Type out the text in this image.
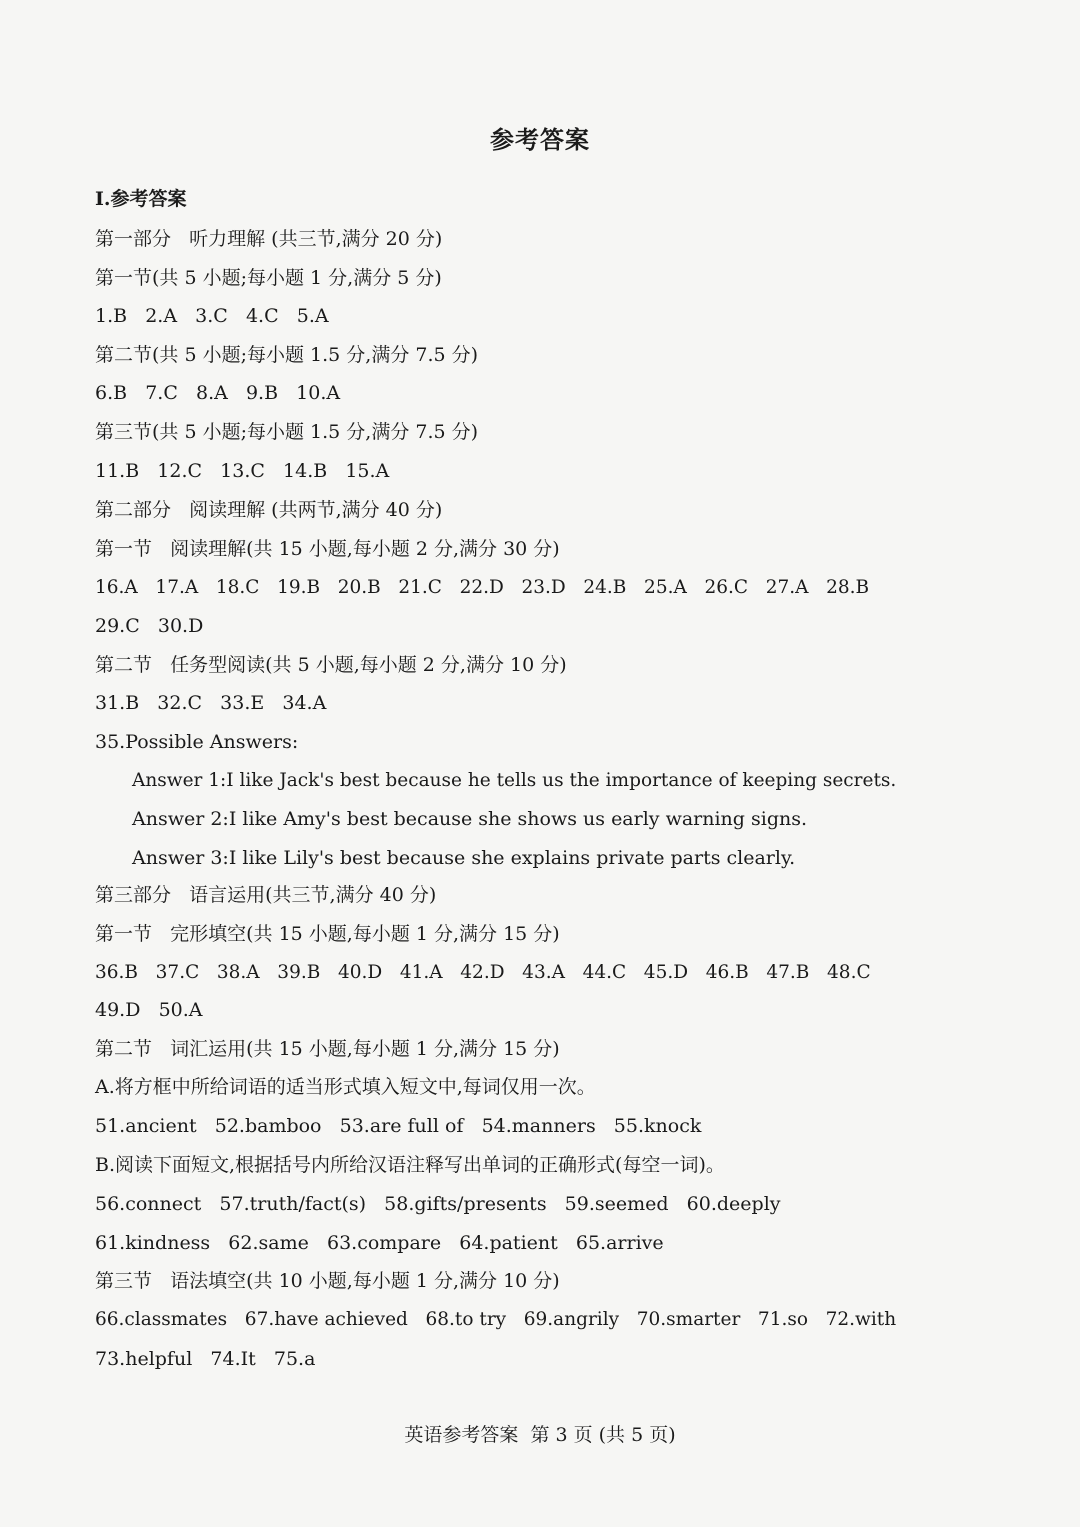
参考答案
Ⅰ.参考答案
第一部分   听力理解 (共三节,满分 20 分)
第一节(共 5 小题;每小题 1 分,满分 5 分)
1.B   2.A   3.C   4.C   5.A
第二节(共 5 小题;每小题 1.5 分,满分 7.5 分)
6.B   7.C   8.A   9.B   10.A
第三节(共 5 小题;每小题 1.5 分,满分 7.5 分)
11.B   12.C   13.C   14.B   15.A
第二部分   阅读理解 (共两节,满分 40 分)
第一节   阅读理解(共 15 小题,每小题 2 分,满分 30 分)
16.A   17.A   18.C   19.B   20.B   21.C   22.D   23.D   24.B   25.A   26.C   27.A   28.B
29.C   30.D
第二节   任务型阅读(共 5 小题,每小题 2 分,满分 10 分)
31.B   32.C   33.E   34.A
35.Possible Answers:
Answer 1:I like Jack's best because he tells us the importance of keeping secrets.
Answer 2:I like Amy's best because she shows us early warning signs.
Answer 3:I like Lily's best because she explains private parts clearly.
第三部分   语言运用(共三节,满分 40 分)
第一节   完形填空(共 15 小题,每小题 1 分,满分 15 分)
36.B   37.C   38.A   39.B   40.D   41.A   42.D   43.A   44.C   45.D   46.B   47.B   48.C
49.D   50.A
第二节   词汇运用(共 15 小题,每小题 1 分,满分 15 分)
A.将方框中所给词语的适当形式填入短文中,每词仅用一次。
51.ancient   52.bamboo   53.are full of   54.manners   55.knock
B.阅读下面短文,根据括号内所给汉语注释写出单词的正确形式(每空一词)。
56.connect   57.truth/fact(s)   58.gifts/presents   59.seemed   60.deeply
61.kindness   62.same   63.compare   64.patient   65.arrive
第三节   语法填空(共 10 小题,每小题 1 分,满分 10 分)
66.classmates   67.have achieved   68.to try   69.angrily   70.smarter   71.so   72.with
73.helpful   74.It   75.a
英语参考答案  第 3 页 (共 5 页)
